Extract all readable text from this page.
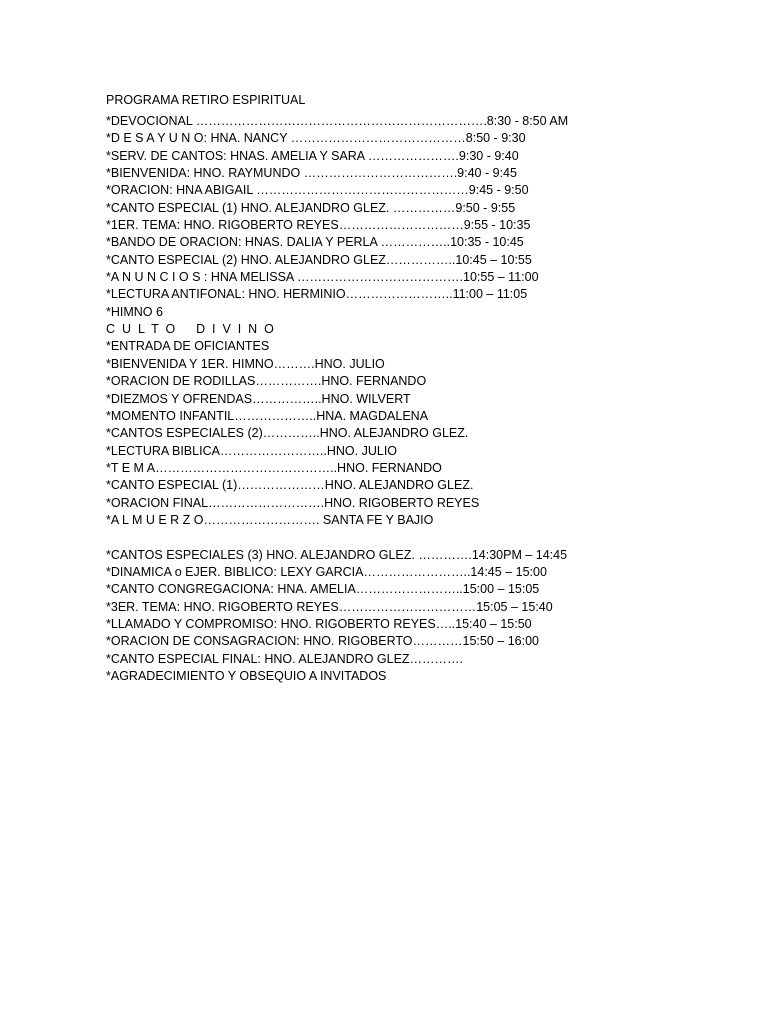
PROGRAMA RETIRO ESPIRITUAL
*DEVOCIONAL …………………………………………………………….8:30 - 8:50 AM
*D E S A Y U N O: HNA. NANCY ……………………………………8:50 - 9:30
*SERV. DE CANTOS: HNAS. AMELIA Y SARA ………………….9:30 - 9:40
*BIENVENIDA: HNO. RAYMUNDO ……………………………….9:40 - 9:45
*ORACION: HNA ABIGAIL ……………………………………………9:45 - 9:50
*CANTO ESPECIAL (1) HNO. ALEJANDRO GLEZ. ……………9:50 - 9:55
*1ER. TEMA: HNO. RIGOBERTO REYES…………………………9:55 - 10:35
*BANDO DE ORACION: HNAS. DALIA Y PERLA ……………..10:35 - 10:45
*CANTO ESPECIAL (2) HNO. ALEJANDRO GLEZ……………..10:45 – 10:55
*A N U N C I O S : HNA MELISSA ………………………………….10:55 – 11:00
*LECTURA ANTIFONAL: HNO. HERMINIO……………………..11:00 – 11:05
*HIMNO 6
C  U  L  T  O      D  I  V  I  N  O
*ENTRADA DE OFICIANTES
*BIENVENIDA Y 1ER. HIMNO……….HNO. JULIO
*ORACION DE RODILLAS…………….HNO. FERNANDO
*DIEZMOS Y OFRENDAS……………..HNO. WILVERT
*MOMENTO INFANTIL………………..HNA. MAGDALENA
*CANTOS ESPECIALES (2)…………..HNO. ALEJANDRO GLEZ.
*LECTURA BIBLICA……………………..HNO. JULIO
*T E M A……………………………………..HNO. FERNANDO
*CANTO ESPECIAL (1)…………………HNO. ALEJANDRO GLEZ.
*ORACION FINAL……………………….HNO. RIGOBERTO REYES
*A L M U E R Z O………………………. SANTA FE Y BAJIO
*CANTOS ESPECIALES (3) HNO. ALEJANDRO GLEZ. ………….14:30PM – 14:45
*DINAMICA o EJER. BIBLICO: LEXY GARCIA……………………..14:45 – 15:00
*CANTO CONGREGACIONA: HNA. AMELIA……………………..15:00 – 15:05
*3ER. TEMA: HNO. RIGOBERTO REYES……………………………15:05 – 15:40
*LLAMADO Y COMPROMISO: HNO. RIGOBERTO REYES…..15:40 – 15:50
*ORACION DE CONSAGRACION: HNO. RIGOBERTO…………15:50 – 16:00
*CANTO ESPECIAL FINAL: HNO. ALEJANDRO GLEZ………….
*AGRADECIMIENTO Y OBSEQUIO A INVITADOS
